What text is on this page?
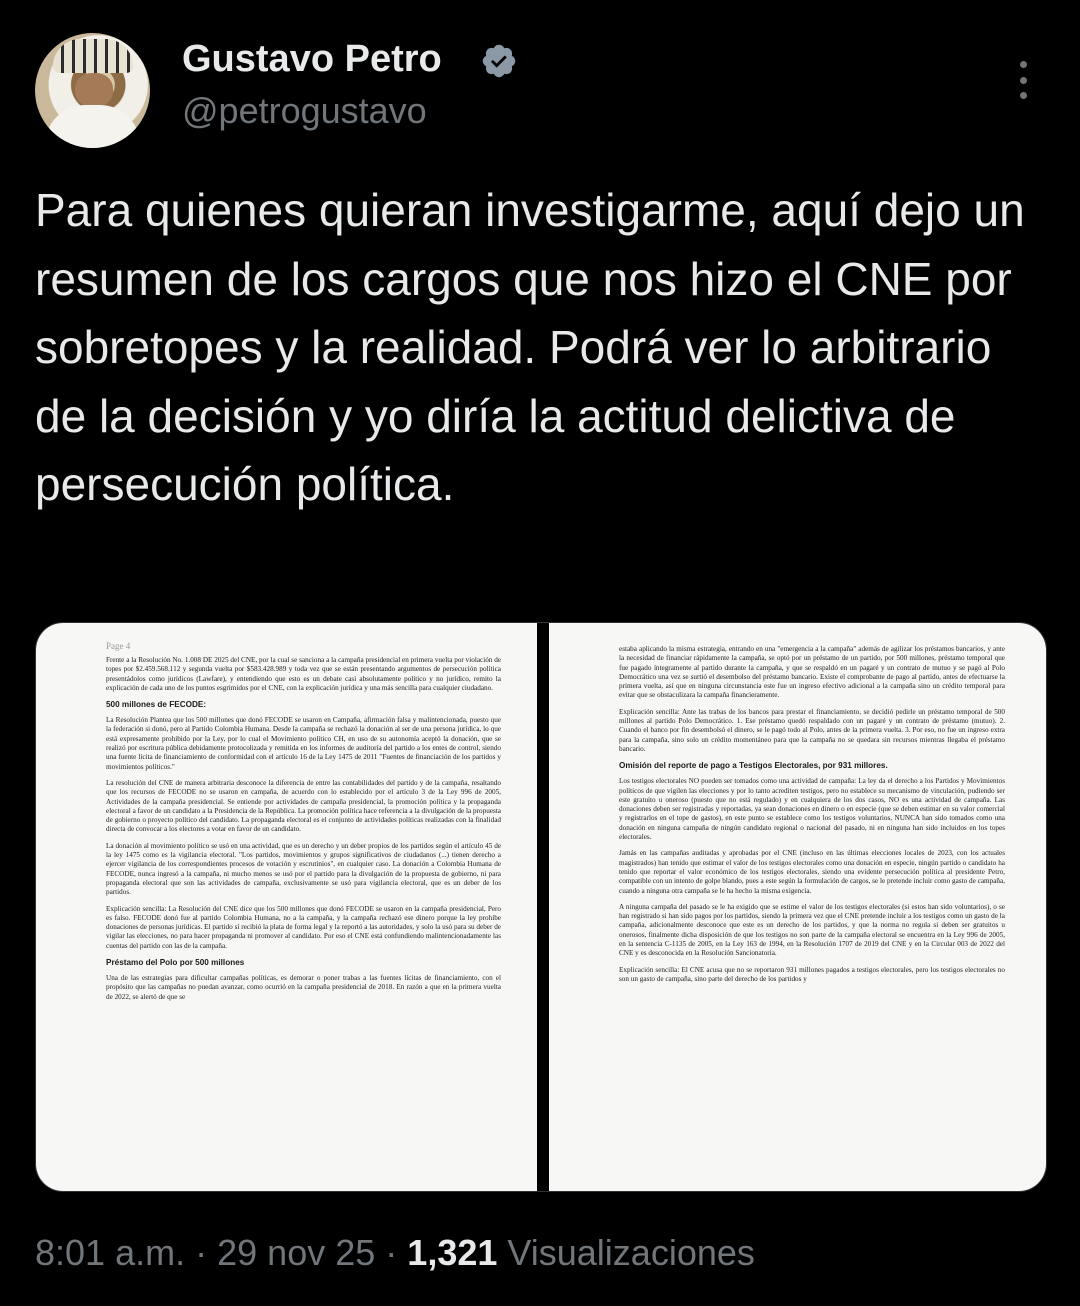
Gustavo Petro
@petrogustavo
Para quienes quieran investigarme, aquí dejo un resumen de los cargos que nos hizo el CNE por sobretopes y la realidad. Podrá ver lo arbitrario de la decisión y yo diría la actitud delictiva de persecución política.
Page 4

Frente a la Resolución No. 1.008 DE 2025 del CNE, por la cual se sanciona a la campaña presidencial en primera vuelta por violación de topes por $2.459.568.112 y segunda vuelta por $583.428.989 y toda vez que se están presentando argumentos de persecución política presentádolos como jurídicos (Lawfare), y entendiendo que esto es un debate casi absolutamente político y no jurídico, remito la explicación de cada uno de los puntos esgrimidos por el CNE, con la explicación jurídica y una más sencilla para cualquier ciudadano.

500 millones de FECODE:

La Resolución Plantea que los 500 millones que donó FECODE se usaron en Campaña, afirmación falsa y malintencionada, puesto que la federación si donó, pero al Partido Colombia Humana. Desde la campaña se rechazó la donación al ser de una persona jurídica, lo que está expresamente prohibido por la Ley, por lo cual el Movimiento político CH, en uso de su autonomía aceptó la donación, que se realizó por escritura pública debidamente protocolizada y remitida en los informes de auditoría del partido a los entes de control, siendo una fuente lícita de financiamiento de conformidad con el artículo 16 de la Ley 1475 de 2011 "Fuentes de financiación de los partidos y movimientos políticos."

La resolución del CNE de manera arbitraria desconoce la diferencia de entre las contabilidades del partido y de la campaña, resaltando que los recursos de FECODE no se usaron en campaña, de acuerdo con lo establecido por el artículo 3 de la Ley 996 de 2005, Actividades de la campaña presidencial. Se entiende por actividades de campaña presidencial, la promoción política y la propaganda electoral a favor de un candidato a la Presidencia de la República. La promoción política hace referencia a la divulgación de la propuesta de gobierno o proyecto político del candidato. La propaganda electoral es el conjunto de actividades políticas realizadas con la finalidad directa de convocar a los electores a votar en favor de un candidato.

La donación al movimiento político se usó en una actividad, que es un derecho y un deber propios de los partidos según el artículo 45 de la ley 1475 como es la vigilancia electoral. "Los partidos, movimientos y grupos significativos de ciudadanos (...) tienen derecho a ejercer vigilancia de los correspondientes procesos de votación y escrutinios", en cualquier caso. La donación a Colombia Humana de FECODE, nunca ingresó a la campaña, ni mucho menos se usó por el partido para la divulgación de la propuesta de gobierno, ni para propaganda electoral que son las actividades de campaña, exclusivamente se usó para vigilancia electoral, que es un deber de los partidos.

Explicación sencilla: La Resolución del CNE dice que los 500 millones que donó FECODE se usaron en la campaña presidencial, Pero es falso. FECODE donó fue al partido Colombia Humana, no a la campaña, y la campaña rechazó ese dinero porque la ley prohíbe donaciones de personas jurídicas. El partido sí recibió la plata de forma legal y la reportó a las autoridades, y solo la usó para su deber de vigilar las elecciones, no para hacer propaganda ni promover al candidato. Por eso el CNE está confundiendo malintencionadamente las cuentas del partido con las de la campaña.

Préstamo del Polo por 500 millones

Una de las estrategias para dificultar campañas políticas, es demorar o poner trabas a las fuentes lícitas de financiamiento, con el propósito que las campañas no puedan avanzar, como ocurrió en la campaña presidencial de 2018. En razón a que en la primera vuelta de 2022, se alertó de que se

estaba aplicando la misma estrategia, entrando en una "emergencia a la campaña" además de agilizar los préstamos bancarios, y ante la necesidad de financiar rápidamente la campaña, se optó por un préstamo de un partido, por 500 millones, préstamo temporal que fue pagado íntegramente al partido durante la campaña, y que se respaldó en un pagaré y un contrato de mutuo y se pagó al Polo Democrático una vez se surtió el desembolso del préstamo bancario. Existe el comprobante de pago al partido, antes de efectuarse la primera vuelta, así que en ninguna circunstancia este fue un ingreso efectivo adicional a la campaña sino un crédito temporal para evitar que se obstaculizara la campaña financieramente.

Explicación sencilla: Ante las trabas de los bancos para prestar el financiamiento, se decidió pedirle un préstamo temporal de 500 millones al partido Polo Democrático. 1. Ese préstamo quedó respaldado con un pagaré y un contrato de préstamo (mutuo). 2. Cuando el banco por fin desembolsó el dinero, se le pagó todo al Polo, antes de la primera vuelta. 3. Por eso, no fue un ingreso extra para la campaña, sino solo un crédito momentáneo para que la campaña no se quedara sin recursos mientras llegaba el préstamo bancario.

Omisión del reporte de pago a Testigos Electorales, por 931 millores.

Los testigos electorales NO pueden ser tomados como una actividad de campaña: La ley da el derecho a los Partidos y Movimientos políticos de que vigilen las elecciones y por lo tanto acrediten testigos, pero no establece su mecanismo de vinculación, pudiendo ser este gratuito u oneroso (puesto que no está regulado) y en cualquiera de los dos casos, NO es una actividad de campaña. Las donaciones deben ser registradas y reportadas, ya sean donaciones en dinero o en especie (que se deben estimar en su valor comercial y registrarlos en el tope de gastos), en este punto se establece como los testigos voluntarios, NUNCA han sido tomados como una donación en ninguna campaña de ningún candidato regional o nacional del pasado, ni en ninguna han sido incluidos en los topes electorales.

Jamás en las campañas auditadas y aprobadas por el CNE (incluso en las últimas elecciones locales de 2023, con los actuales magistrados) han tenido que estimar el valor de los testigos electorales como una donación en especie, ningún partido o candidato ha tenido que reportar el valor económico de los testigos electorales, siendo una evidente persecución política al presidente Petro, compatible con un intento de golpe blando, pues a este según la formulación de cargos, se le pretende incluir como gasto de campaña, cuando a ninguna otra campaña se le ha hecho la misma exigencia.

A ninguna campaña del pasado se le ha exigido que se estime el valor de los testigos electorales (si estos han sido voluntarios), o se han registrado si han sido pagos por los partidos, siendo la primera vez que el CNE pretende incluir a los testigos como un gasto de la campaña, adicionalmente desconoce que este es un derecho de los partidos, y que la norma no regula si deben ser gratuitos u onerosos, finalmente dicha disposición de que los testigos no son parte de la campaña electoral se encuentra en la Ley 996 de 2005, en la sentencia C-1135 de 2005, en la Ley 163 de 1994, en la Resolución 1707 de 2019 del CNE y en la Circular 003 de 2022 del CNE y es desconocida en la Resolución Sancionatoria.

Explicación sencilla: El CNE acusa que no se reportaron 931 millones pagados a testigos electorales, pero los testigos electorales no son un gasto de campaña, sino parte del derecho de los partidos y

8:01 a.m. · 29 nov 25 · 1,321 Visualizaciones
